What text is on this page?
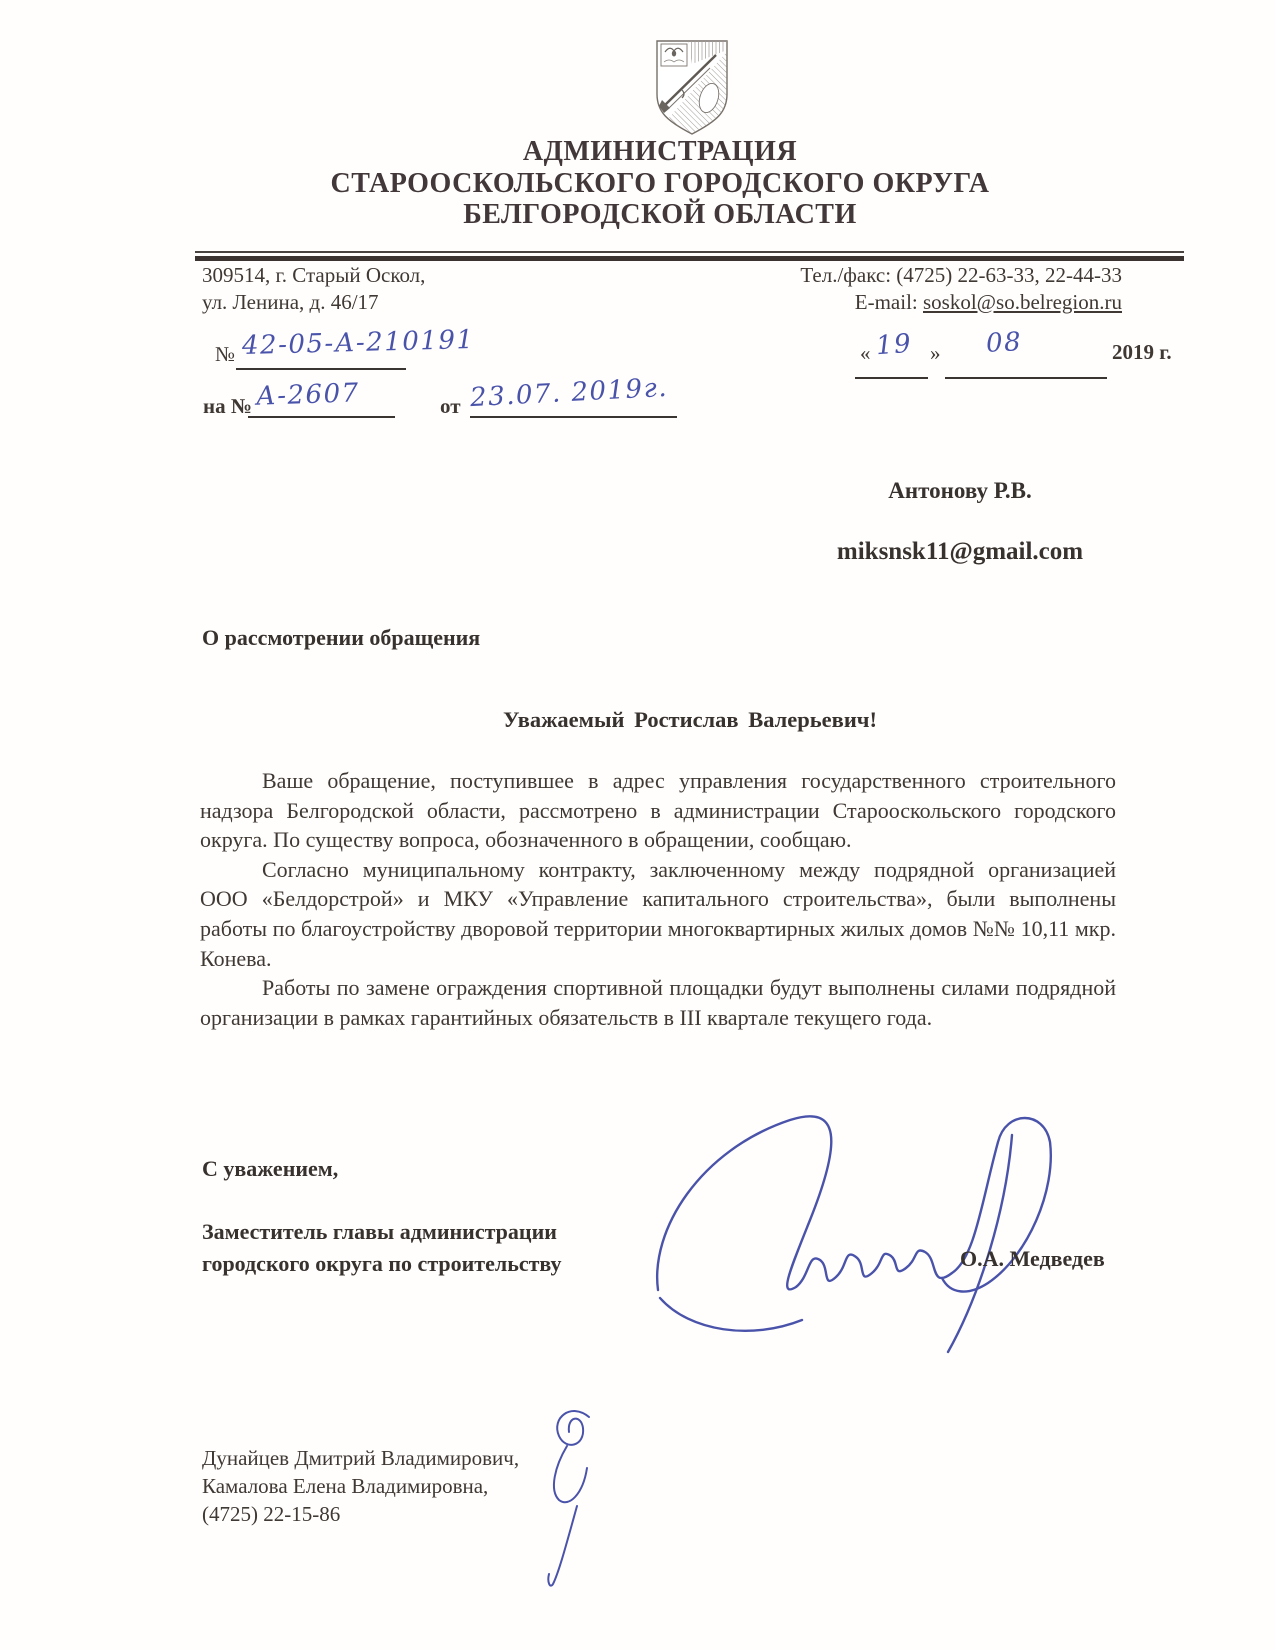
АДМИНИСТРАЦИЯ
СТАРООСКОЛЬСКОГО ГОРОДСКОГО ОКРУГА
БЕЛГОРОДСКОЙ ОБЛАСТИ
309514, г. Старый Оскол,
ул. Ленина, д. 46/17
Тел./факс: (4725) 22-63-33, 22-44-33
E-mail: soskol@so.belregion.ru
№ 42-05-А-210191	« 19 » 08	2019 г.
на № А-2607	от 23.07. 2019г.
Антонову Р.В.
miksnsk11@gmail.com
О рассмотрении обращения
Уважаемый Ростислав Валерьевич!

Ваше обращение, поступившее в адрес управления государственного строительного надзора Белгородской области, рассмотрено в администрации Старооскольского городского округа. По существу вопроса, обозначенного в обращении, сообщаю.

Согласно муниципальному контракту, заключенному между подрядной организацией ООО «Белдорстрой» и МКУ «Управление капитального строительства», были выполнены работы по благоустройству дворовой территории многоквартирных жилых домов №№ 10,11 мкр. Конева.

Работы по замене ограждения спортивной площадки будут выполнены силами подрядной организации в рамках гарантийных обязательств в III квартале текущего года.

С уважением,
Заместитель главы администрации
городского округа по строительству	О.А. Медведев
Дунайцев Дмитрий Владимирович,
Камалова Елена Владимировна,
(4725) 22-15-86
